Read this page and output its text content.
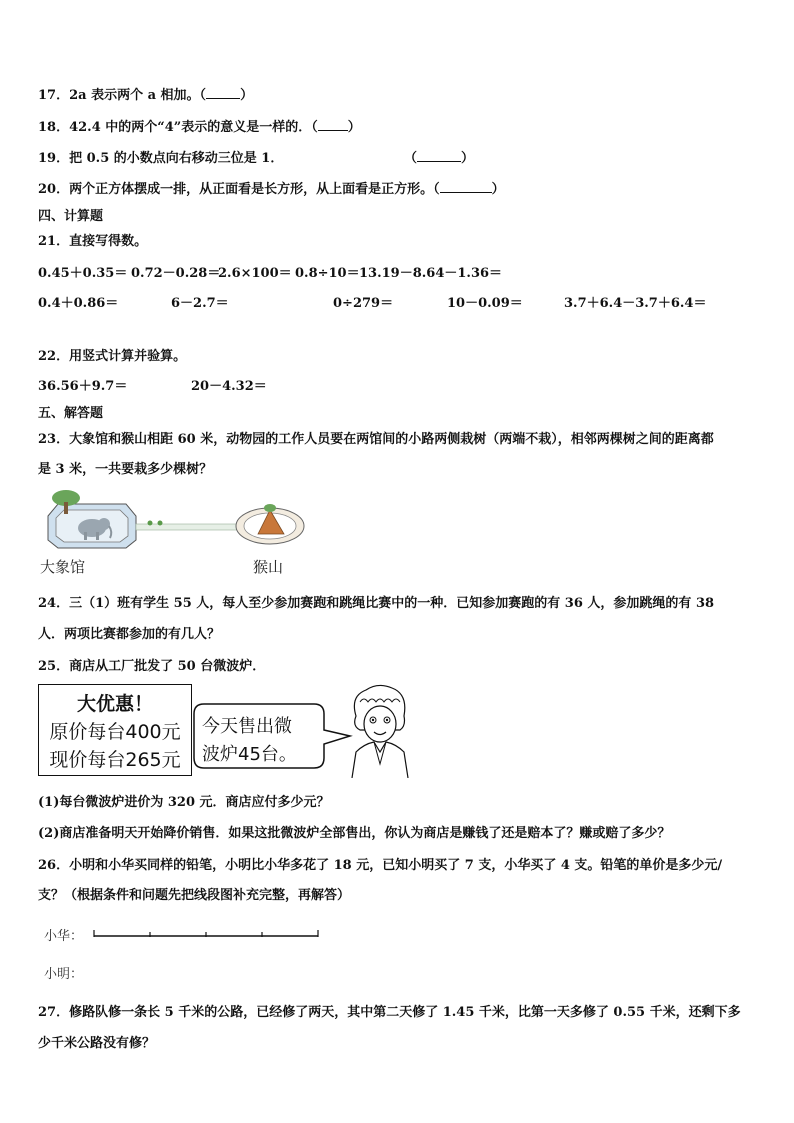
17．2a 表示两个 a 相加。（	）
18．42.4 中的两个“4”表示的意义是一样的．（ ）
19．把 0.5 的小数点向右移动三位是 1．	（	）
20．两个正方体摆成一排，从正面看是长方形，从上面看是正方形。（	）
四、计算题
21．直接写得数。
0.45＋0.35＝ 0.72－0.28＝
2.6×100＝ 0.8÷10＝ 13.19－8.64－1.36＝
0.4＋0.86＝	6－2.7＝	0÷279＝	10－0.09＝	3.7＋6.4－3.7＋6.4＝
22．用竖式计算并验算。
36.56＋9.7＝	20－4.32＝
五、解答题
23．大象馆和猴山相距 60 米，动物园的工作人员要在两馆间的小路两侧栽树（两端不栽），相邻两棵树之间的距离都
是 3 米，一共要栽多少棵树？
大象馆	猴山
24．三（1）班有学生 55 人，每人至少参加赛跑和跳绳比赛中的一种．已知参加赛跑的有 36 人，参加跳绳的有 38
人．两项比赛都参加的有几人？
25．商店从工厂批发了 50 台微波炉．
大优惠！
原价每台400元
现价每台265元
今天售出微
波炉45台。
(1)每台微波炉进价为 320 元．商店应付多少元？
(2)商店准备明天开始降价销售．如果这批微波炉全部售出，你认为商店是赚钱了还是赔本了？赚或赔了多少？
26．小明和小华买同样的铅笔，小明比小华多花了 18 元，已知小明买了 7 支，小华买了 4 支。铅笔的单价是多少元/
支？（根据条件和问题先把线段图补充完整，再解答）
小华：
小明：
27．修路队修一条长 5 千米的公路，已经修了两天，其中第二天修了 1.45 千米，比第一天多修了 0.55 千米，还剩下多
少千米公路没有修？
